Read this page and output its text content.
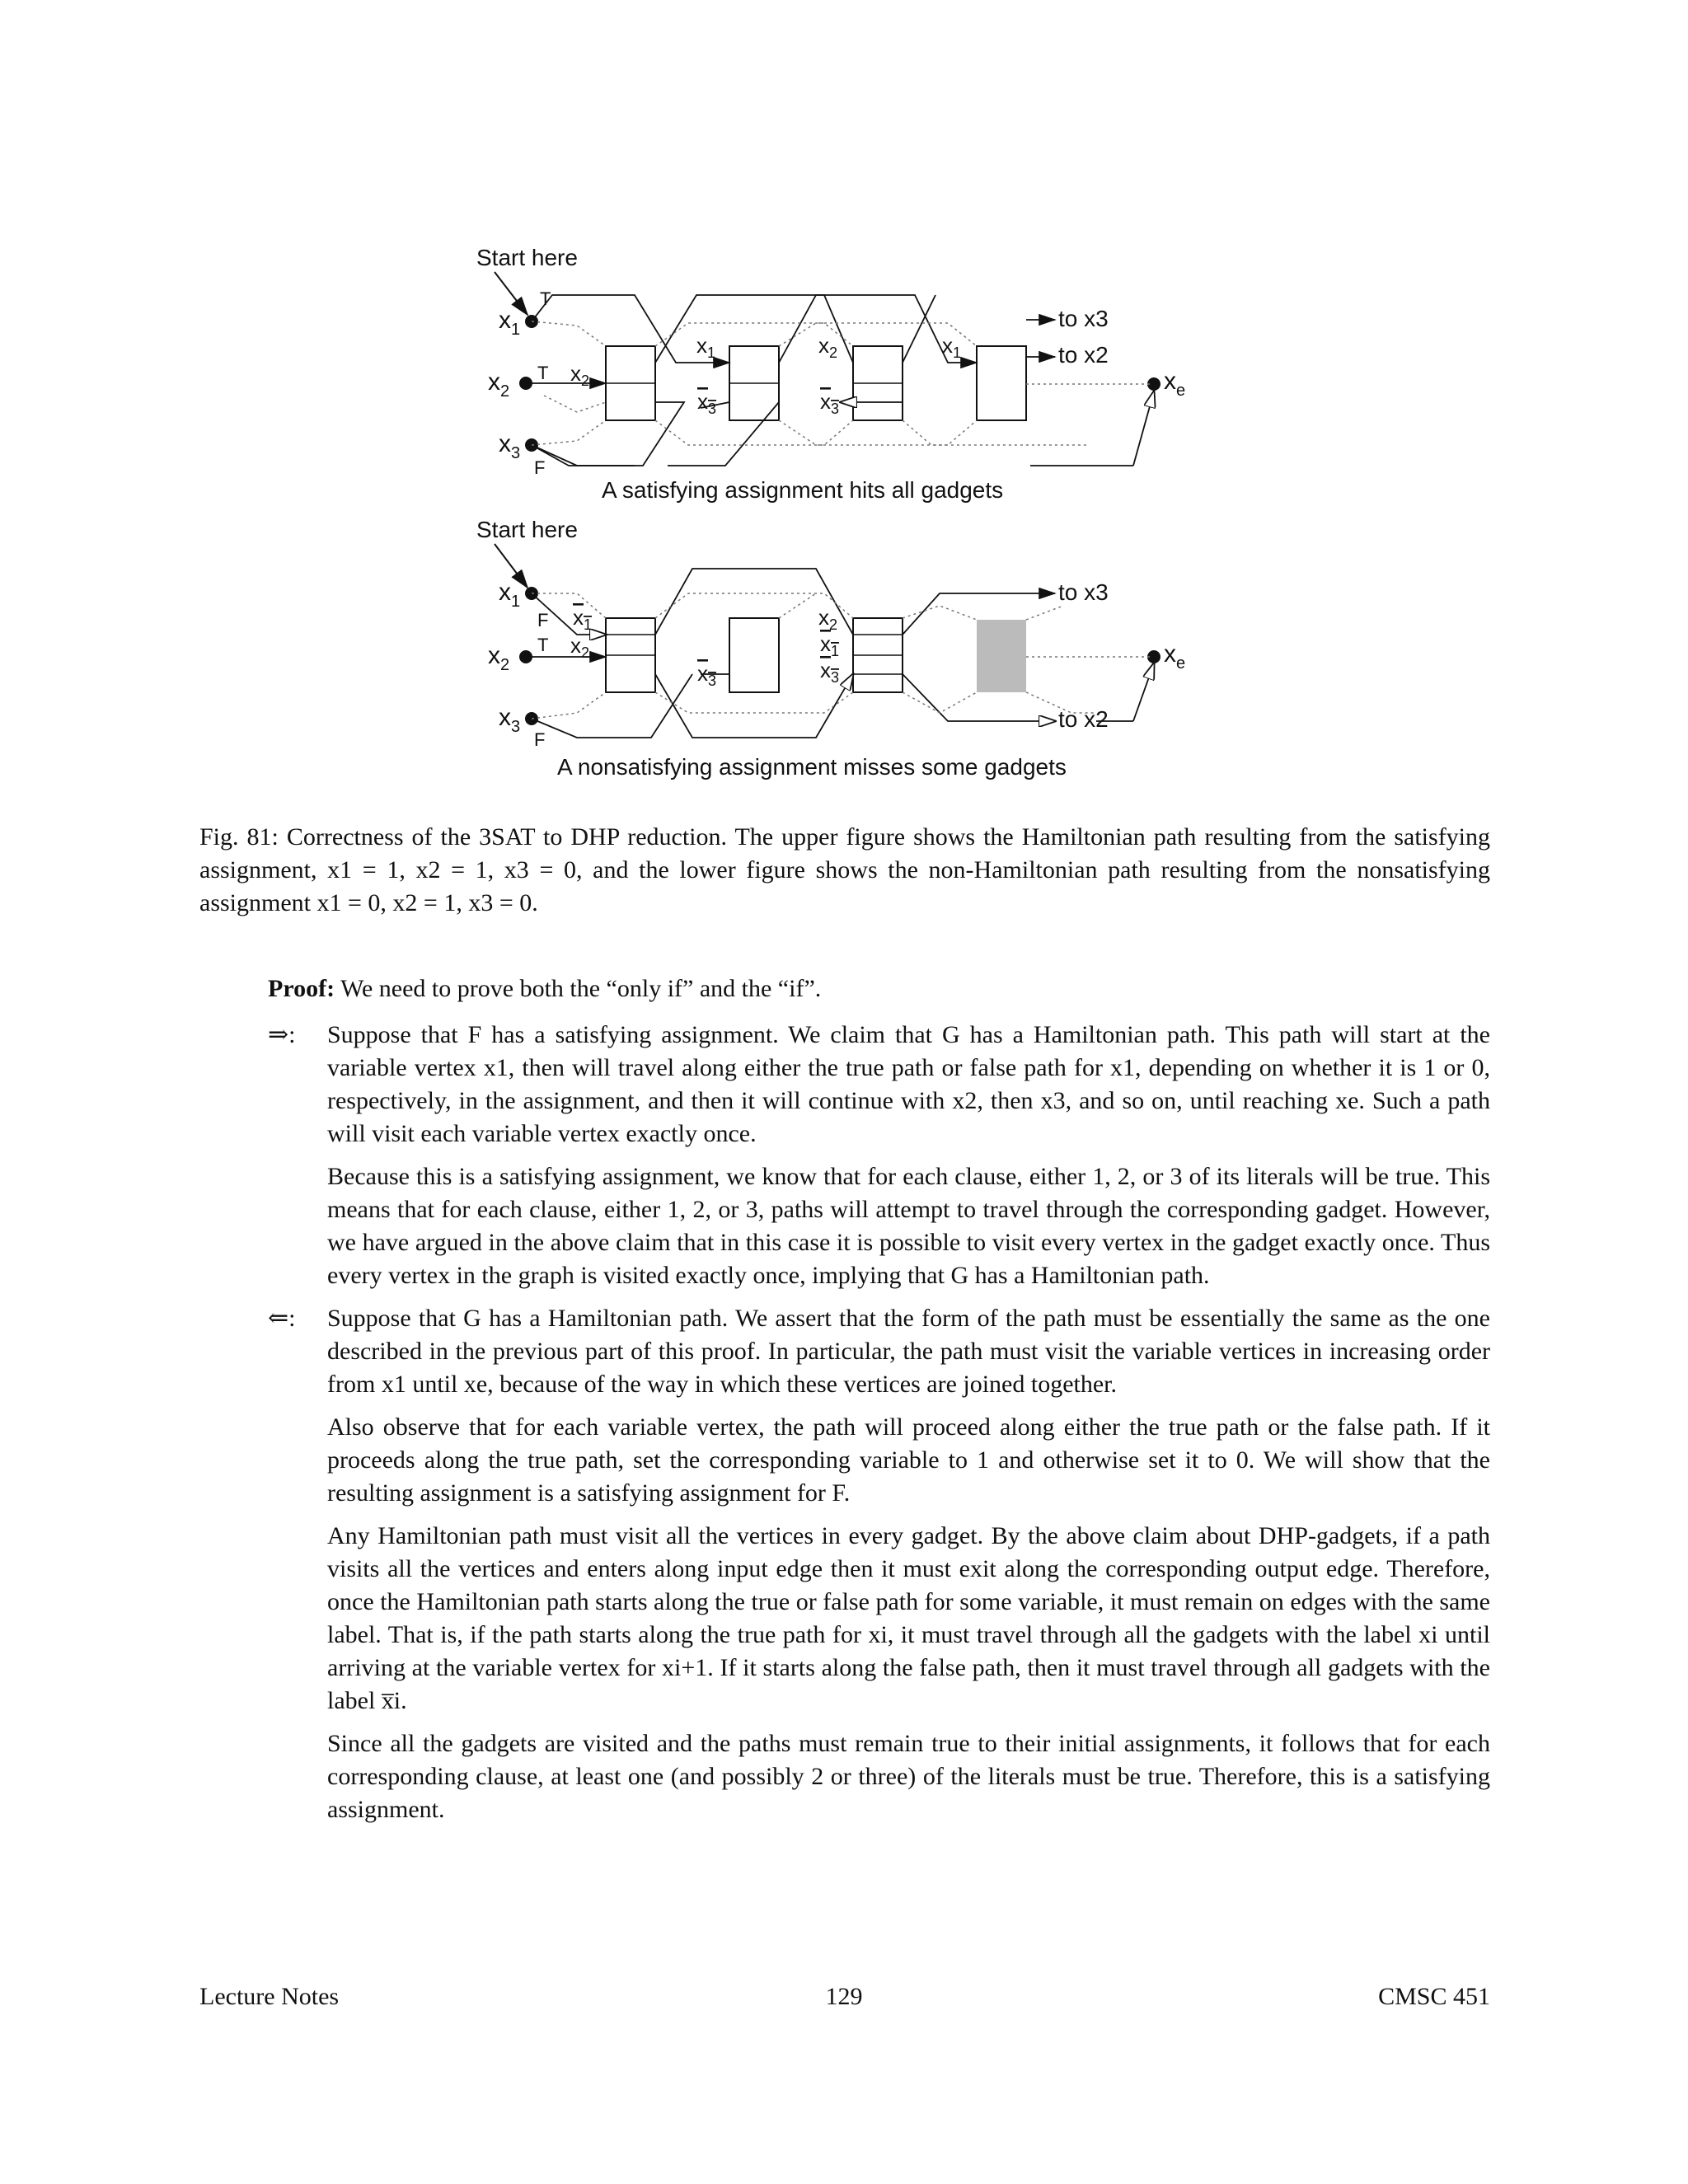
Start here
T
$x_1$
$x_2$
$x_3$
$x_e$
T
F
$x_2$
$x_1$
$x_3$
$x_2$
$x_3$
$x_1$
to x3
to x2
A satisfying assignment hits all gadgets
Start here
$x_1$
$x_2$
$x_3$
$x_e$
F
T
F
$x_1$
$x_2$
$x_3$
$x_2$
$x_1$
$x_3$
to x3
to x2
A nonsatisfying assignment misses some gadgets
Fig. 81: Correctness of the 3SAT to DHP reduction. The upper figure shows the Hamiltonian path resulting from the satisfying assignment, x1 = 1, x2 = 1, x3 = 0, and the lower figure shows the non-Hamiltonian path resulting from the nonsatisfying assignment x1 = 0, x2 = 1, x3 = 0.

Proof: We need to prove both the “only if” and the “if”.

⇒: Suppose that F has a satisfying assignment. We claim that G has a Hamiltonian path. This path will start at the variable vertex x1, then will travel along either the true path or false path for x1, depending on whether it is 1 or 0, respectively, in the assignment, and then it will continue with x2, then x3, and so on, until reaching xe. Such a path will visit each variable vertex exactly once.

Because this is a satisfying assignment, we know that for each clause, either 1, 2, or 3 of its literals will be true. This means that for each clause, either 1, 2, or 3, paths will attempt to travel through the corresponding gadget. However, we have argued in the above claim that in this case it is possible to visit every vertex in the gadget exactly once. Thus every vertex in the graph is visited exactly once, implying that G has a Hamiltonian path.

⇐: Suppose that G has a Hamiltonian path. We assert that the form of the path must be essentially the same as the one described in the previous part of this proof. In particular, the path must visit the variable vertices in increasing order from x1 until xe, because of the way in which these vertices are joined together.

Also observe that for each variable vertex, the path will proceed along either the true path or the false path. If it proceeds along the true path, set the corresponding variable to 1 and otherwise set it to 0. We will show that the resulting assignment is a satisfying assignment for F.

Any Hamiltonian path must visit all the vertices in every gadget. By the above claim about DHP-gadgets, if a path visits all the vertices and enters along input edge then it must exit along the corresponding output edge. Therefore, once the Hamiltonian path starts along the true or false path for some variable, it must remain on edges with the same label. That is, if the path starts along the true path for xi, it must travel through all the gadgets with the label xi until arriving at the variable vertex for xi+1. If it starts along the false path, then it must travel through all gadgets with the label x̅i.

Since all the gadgets are visited and the paths must remain true to their initial assignments, it follows that for each corresponding clause, at least one (and possibly 2 or three) of the literals must be true. Therefore, this is a satisfying assignment.

Lecture Notes	129	CMSC 451
